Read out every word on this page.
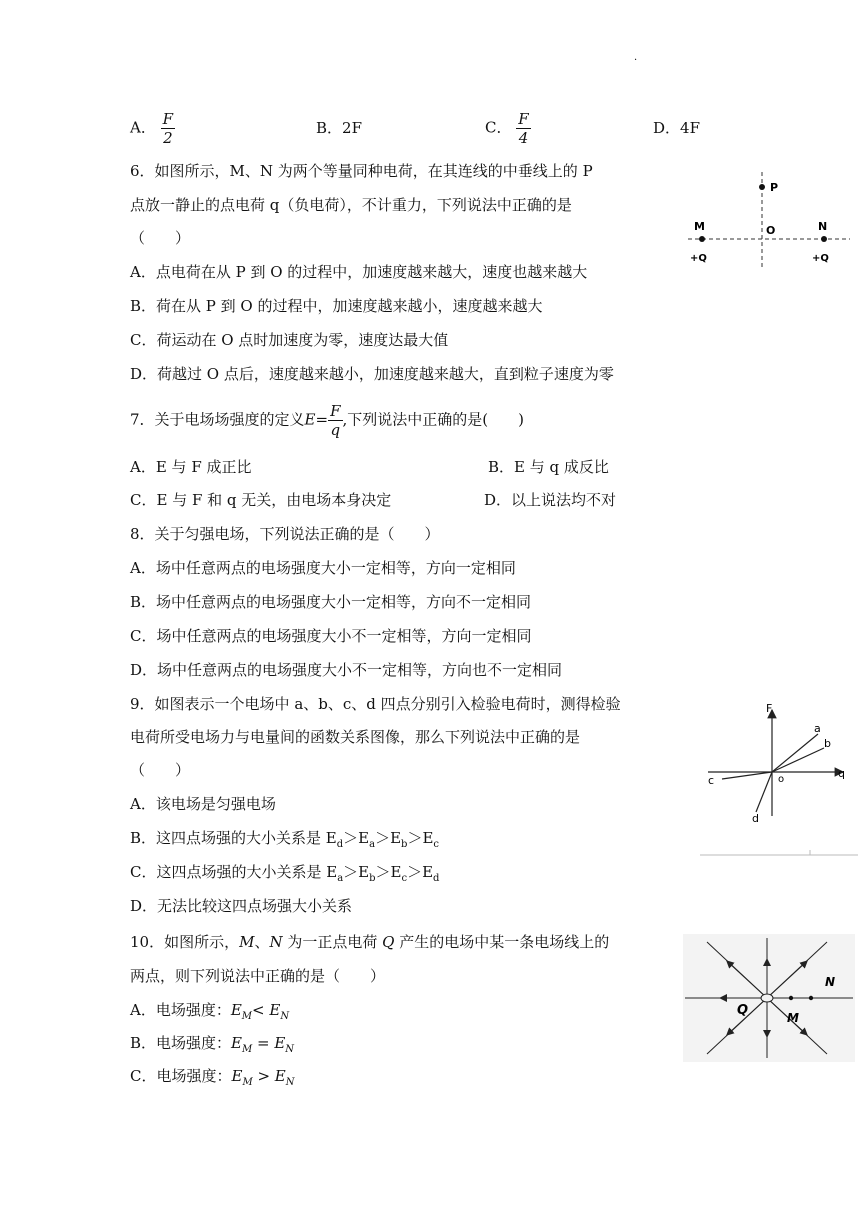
·
A． $\frac{F}{2}$	B．2F	C． $\frac{F}{4}$	D．4F
6．如图所示，M、N 为两个等量同种电荷，在其连线的中垂线上的 P
点放一静止的点电荷 q（负电荷），不计重力，下列说法中正确的是
（　　）
A．点电荷在从 P 到 O 的过程中，加速度越来越大，速度也越来越大
B．荷在从 P 到 O 的过程中，加速度越来越小，速度越来越大
C．荷运动在 O 点时加速度为零，速度达最大值
D．荷越过 O 点后，速度越来越小，加速度越来越大，直到粒子速度为零
P
O
M	N
+Q	+Q
7．关于电场场强度的定义$E= \frac{F}{q}$ ,下列说法中正确的是(　　)
A．E 与 F 成正比	B．E 与 q 成反比
C．E 与 F 和 q 无关，由电场本身决定	D．以上说法均不对
8．关于匀强电场，下列说法正确的是（　　）
A．场中任意两点的电场强度大小一定相等，方向一定相同
B．场中任意两点的电场强度大小一定相等，方向不一定相同
C．场中任意两点的电场强度大小不一定相等，方向一定相同
D．场中任意两点的电场强度大小不一定相等，方向也不一定相同
9．如图表示一个电场中 a、b、c、d 四点分别引入检验电荷时，测得检验
电荷所受电场力与电量间的函数关系图像，那么下列说法中正确的是
（　　）
A．该电场是匀强电场
B．这四点场强的大小关系是 $E_d>E_a>E_b>E_c$
C．这四点场强的大小关系是 $E_a>E_b>E_c>E_d$
D．无法比较这四点场强大小关系
F
q
o
a
b
c
d
10．如图所示，M、N 为一正点电荷 Q 产生的电场中某一条电场线上的
两点，则下列说法中正确的是（　　）
A．电场强度：$E_M< E_N$
B．电场强度：$E_M = E_N$
C．电场强度：$E_M > E_N$
Q	M
N
